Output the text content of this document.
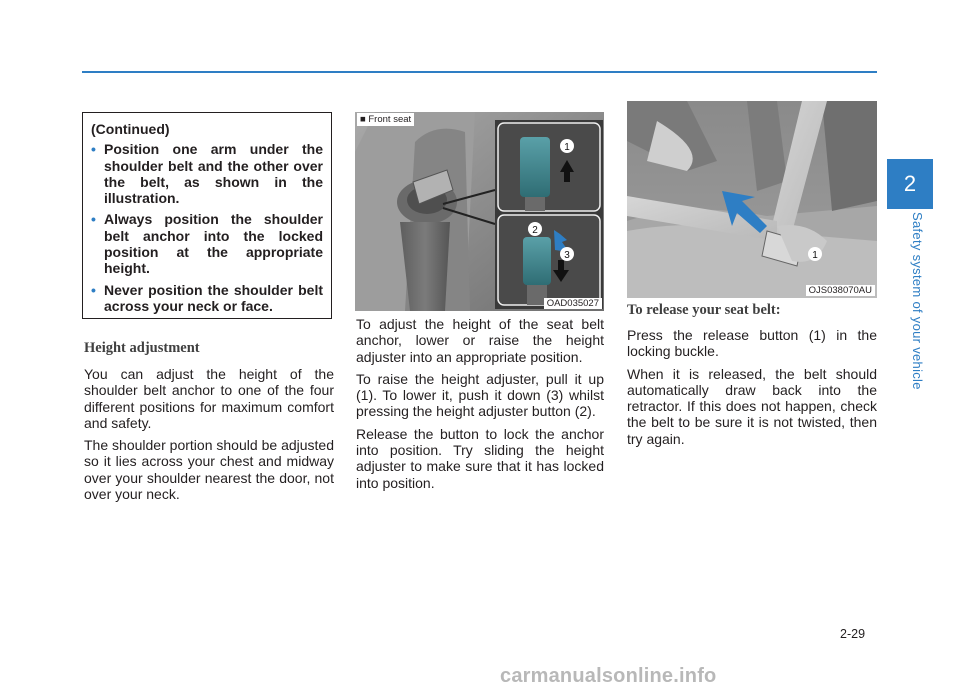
2
Safety system of your vehicle
(Continued)
• Position one arm under the shoulder belt and the other over the belt, as shown in the illustration.
• Always position the shoulder belt anchor into the locked position at the appropriate height.
• Never position the shoulder belt across your neck or face.
Height adjustment

You can adjust the height of the shoulder belt anchor to one of the four different positions for maximum comfort and safety.

The shoulder portion should be adjusted so it lies across your chest and midway over your shoulder nearest the door, not over your neck.

1
2
3
■ Front seat
OAD035027

To adjust the height of the seat belt anchor, lower or raise the height adjuster into an appropriate position.

To raise the height adjuster, pull it up (1). To lower it, push it down (3) whilst pressing the height adjuster button (2).

Release the button to lock the anchor into position. Try sliding the height adjuster to make sure that it has locked into position.

1
OJS038070AU
To release your seat belt:

Press the release button (1) in the locking buckle.

When it is released, the belt should automatically draw back into the retractor. If this does not happen, check the belt to be sure it is not twisted, then try again.

2-29
carmanualsonline.info
